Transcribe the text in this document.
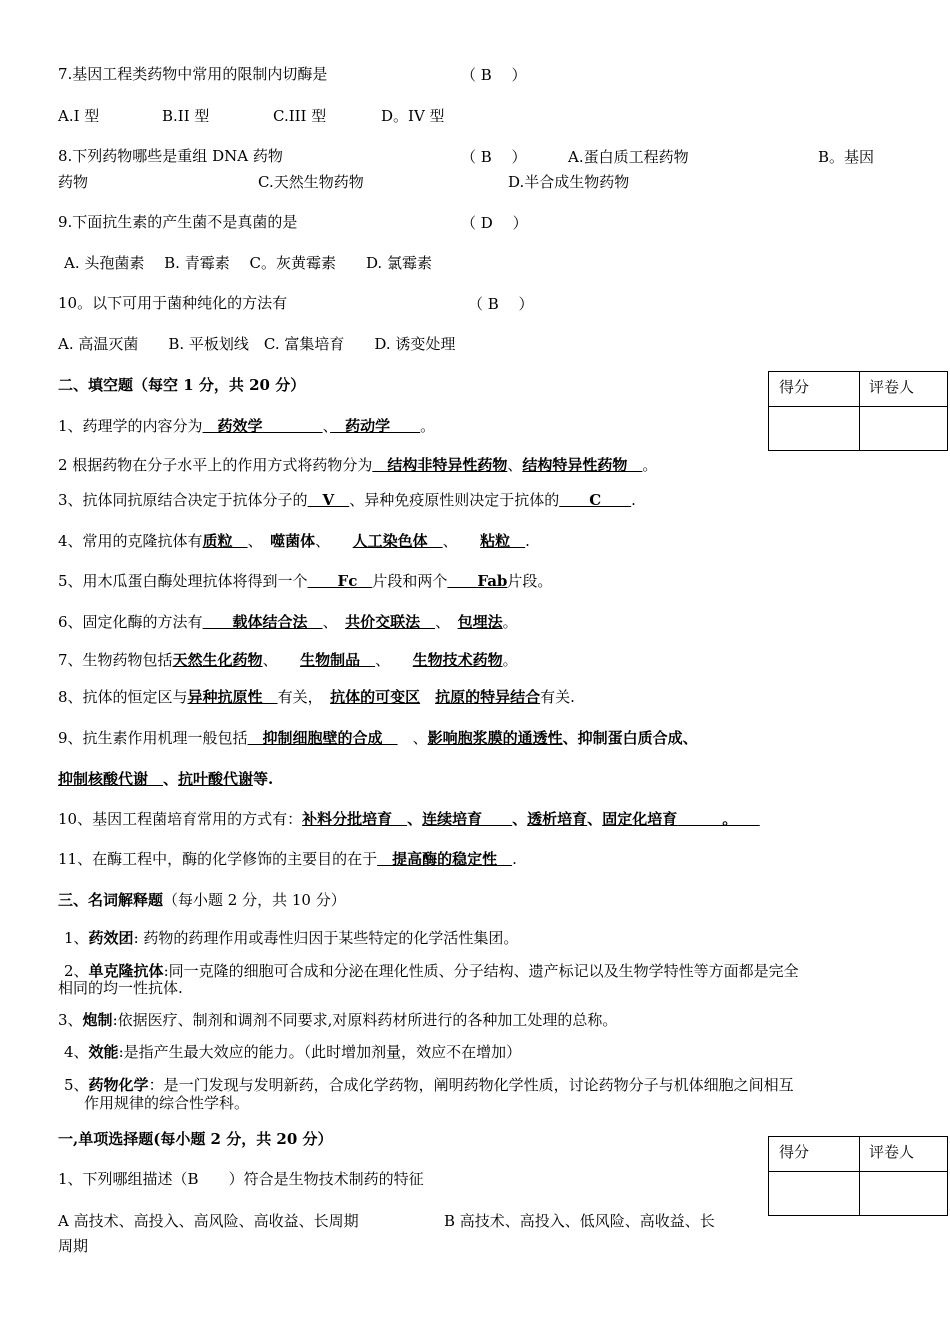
7.基因工程类药物中常用的限制内切酶是	（ B　 ）
A.I 型	B.II 型	C.III 型	D。IV 型
8.下列药物哪些是重组 DNA 药物	（ B　 ）	A.蛋白质工程药物	B。基因
药物	C.天然生物药物	D.半合成生物药物
9.下面抗生素的产生菌不是真菌的是	（ D　 ）
A. 头孢菌素　 B. 青霉素　 C。灰黄霉素　　D. 氯霉素
10。以下可用于菌种纯化的方法有	（ B　 ）
A. 高温灭菌　　B. 平板划线　C. 富集培育　　D. 诱变处理
二、填空题（每空 1 分，共 20 分）	得分	评卷人
1、药理学的内容分为　药效学　　　　	、　药动学　　。
2 根据药物在分子水平上的作用方式将药物分为　结构非特异性药物、结构特异性药物　。
3、抗体同抗原结合决定于抗体分子的　V　、异种免疫原性则决定于抗体的　　C　　.
4、常用的克隆抗体有质粒　、　噬菌体、　　人工染色体　、　　粘粒　.
5、用木瓜蛋白酶处理抗体将得到一个　　Fc　片段和两个　　Fab片段。
6、固定化酶的方法有　　载体结合法　、　共价交联法　、　包埋法。
7、生物药物包括天然生化药物、　　生物制品　、　　生物技术药物。
8、抗体的恒定区与异种抗原性　有关，　抗体的可变区　 抗原的特异结合有关.
9、抗生素作用机理一般包括　抑制细胞壁的合成　　、影响胞浆膜的通透性、抑制蛋白质合成、
抑制核酸代谢　、抗叶酸代谢等.
10、基因工程菌培育常用的方式有：补料分批培育　、连续培育　　、透析培育、固定化培育　　　。　　
11、在酶工程中，酶的化学修饰的主要目的在于　提高酶的稳定性　.
三、名词解释题（每小题 2 分，共 10 分）
1、药效团: 药物的药理作用或毒性归因于某些特定的化学活性集团。
2、单克隆抗体:同一克隆的细胞可合成和分泌在理化性质、分子结构、遗产标记以及生物学特性等方面都是完全
相同的均一性抗体.
3、炮制:依据医疗、制剂和调剂不同要求,对原料药材所进行的各种加工处理的总称。
4、效能:是指产生最大效应的能力。（此时增加剂量，效应不在增加）
5、药物化学：是一门发现与发明新药，合成化学药物，阐明药物化学性质，讨论药物分子与机体细胞之间相互
作用规律的综合性学科。
一,单项选择题(每小题 2 分，共 20 分）
得分	评卷人
1、下列哪组描述（B　　）符合是生物技术制药的特征
A 高技术、高投入、高风险、高收益、长周期	B 高技术、高投入、低风险、高收益、长
周期
